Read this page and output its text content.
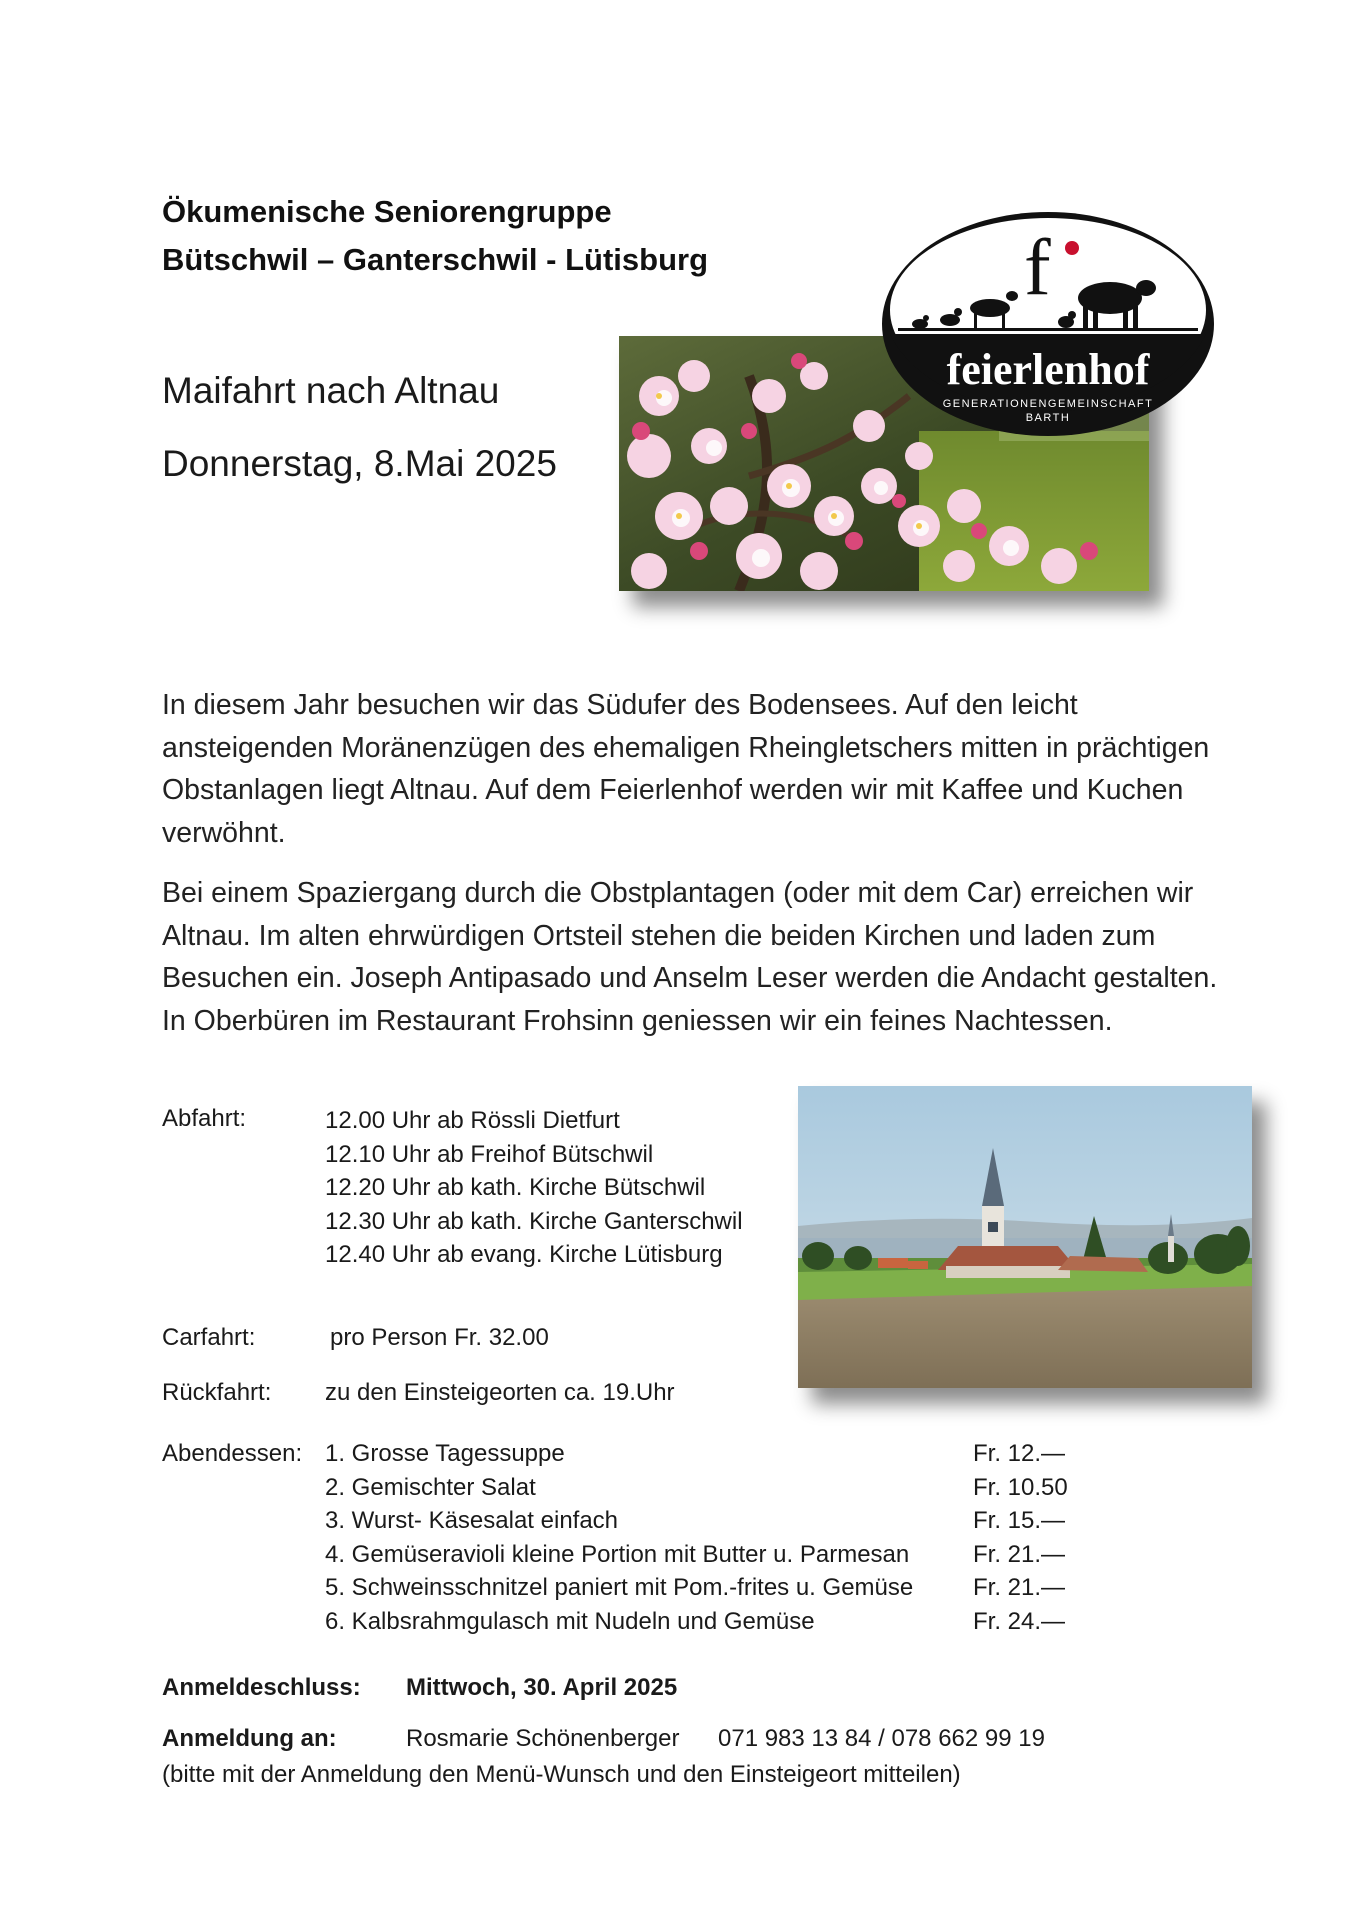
Ökumenische Seniorengruppe
Bütschwil – Ganterschwil - Lütisburg
Maifahrt nach Altnau
Donnerstag, 8.Mai 2025
f
feierlenhof
GENERATIONENGEMEINSCHAFT
BARTH

In diesem Jahr besuchen wir das Südufer des Bodensees. Auf den leicht ansteigenden Moränenzügen des ehemaligen Rheingletschers mitten in prächtigen Obstanlagen liegt Altnau. Auf dem Feierlenhof werden wir mit Kaffee und Kuchen verwöhnt.

Bei einem Spaziergang durch die Obstplantagen (oder mit dem Car) erreichen wir Altnau. Im alten ehrwürdigen Ortsteil stehen die beiden Kirchen und laden zum Besuchen ein. Joseph Antipasado und Anselm Leser werden die Andacht gestalten. In Oberbüren im Restaurant Frohsinn geniessen wir ein feines Nachtessen.

Abfahrt:	12.00 Uhr ab Rössli Dietfurt
12.10 Uhr ab Freihof Bütschwil
12.20 Uhr ab kath. Kirche Bütschwil
12.30 Uhr ab kath. Kirche Ganterschwil
12.40 Uhr ab evang. Kirche Lütisburg
Carfahrt:	pro Person Fr. 32.00
Rückfahrt: zu den Einsteigeorten ca. 19.Uhr
Abendessen: 1. Grosse Tagessuppe	Fr. 12.—
2. Gemischter Salat	Fr. 10.50
3. Wurst- Käsesalat einfach	Fr. 15.—
4. Gemüseravioli kleine Portion mit Butter u. Parmesan	Fr. 21.—
5. Schweinsschnitzel paniert mit Pom.-frites u. Gemüse Fr. 21.—
6. Kalbsrahmgulasch mit Nudeln und Gemüse	Fr. 24.—
Anmeldeschluss: Mittwoch, 30. April 2025
Anmeldung an:	Rosmarie Schönenberger 071 983 13 84 / 078 662 99 19
(bitte mit der Anmeldung den Menü-Wunsch und den Einsteigeort mitteilen)
